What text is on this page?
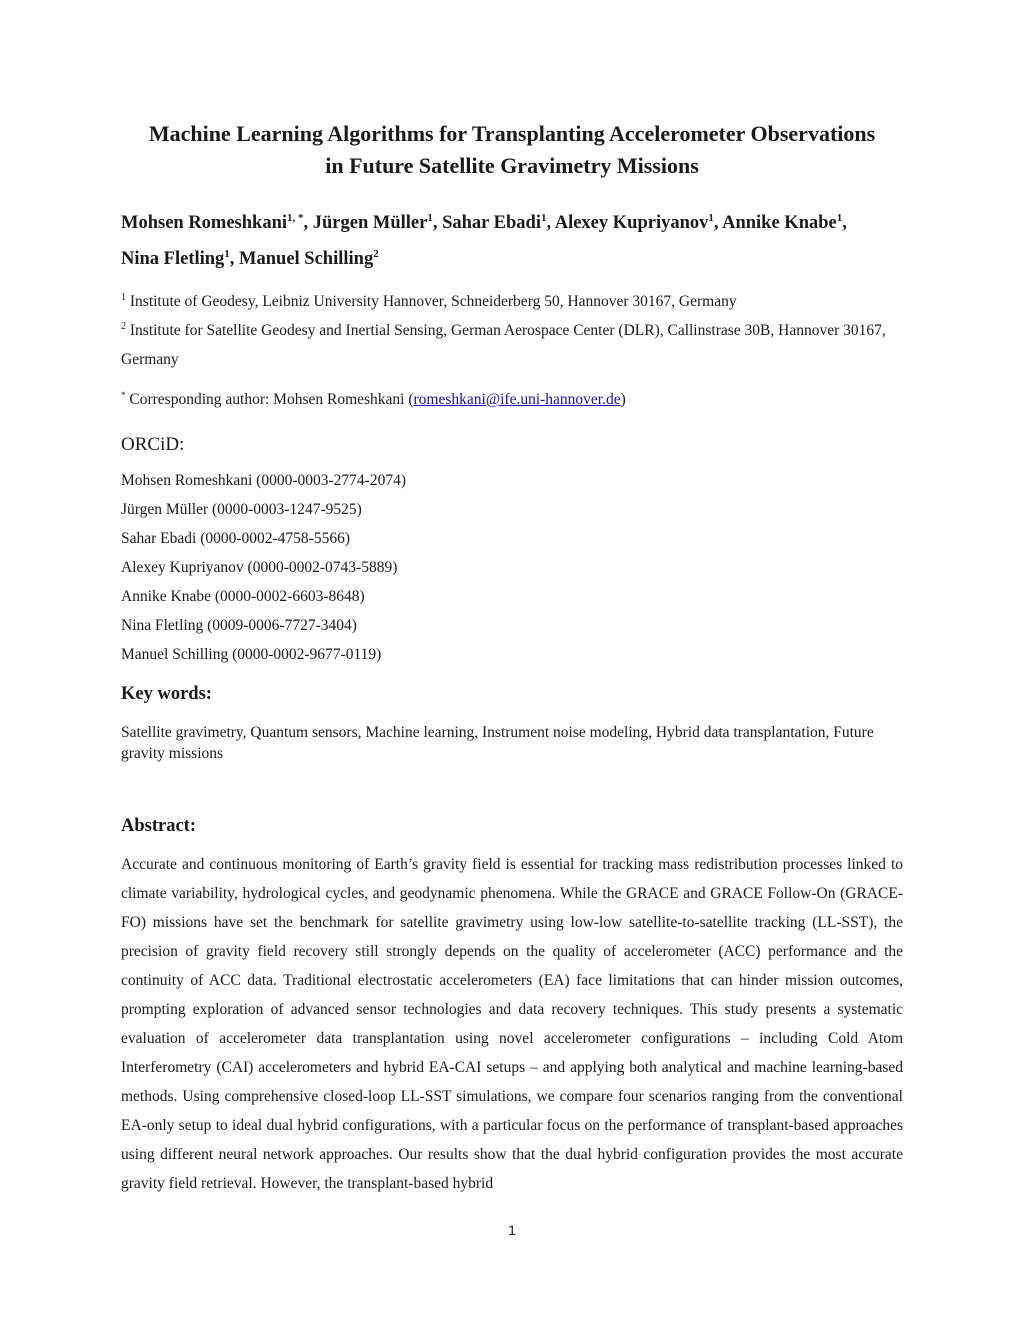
Machine Learning Algorithms for Transplanting Accelerometer Observations
in Future Satellite Gravimetry Missions

Mohsen Romeshkani$^{1, *}$, Jürgen Müller$^1$, Sahar Ebadi$^1$, Alexey Kupriyanov$^1$, Annike Knabe$^1$,
Nina Fletling$^1$, Manuel Schilling$^2$

$^1$ Institute of Geodesy, Leibniz University Hannover, Schneiderberg 50, Hannover 30167, Germany

$^2$ Institute for Satellite Geodesy and Inertial Sensing, German Aerospace Center (DLR), Callinstrase 30B, Hannover 30167, Germany

* Corresponding author: Mohsen Romeshkani (romeshkani@ife.uni-hannover.de)

ORCiD:
Mohsen Romeshkani (0000-0003-2774-2074)
Jürgen Müller (0000-0003-1247-9525)
Sahar Ebadi (0000-0002-4758-5566)
Alexey Kupriyanov (0000-0002-0743-5889)
Annike Knabe (0000-0002-6603-8648)
Nina Fletling (0009-0006-7727-3404)
Manuel Schilling (0000-0002-9677-0119)
Key words:

Satellite gravimetry, Quantum sensors, Machine learning, Instrument noise modeling, Hybrid data transplantation, Future gravity missions

Abstract:

Accurate and continuous monitoring of Earth’s gravity field is essential for tracking mass redistribution processes linked to climate variability, hydrological cycles, and geodynamic phenomena. While the GRACE and GRACE Follow-On (GRACE-FO) missions have set the benchmark for satellite gravimetry using low-low satellite-to-satellite tracking (LL-SST), the precision of gravity field recovery still strongly depends on the quality of accelerometer (ACC) performance and the continuity of ACC data. Traditional electrostatic accelerometers (EA) face limitations that can hinder mission outcomes, prompting exploration of advanced sensor technologies and data recovery techniques. This study presents a systematic evaluation of accelerometer data transplantation using novel accelerometer configurations – including Cold Atom Interferometry (CAI) accelerometers and hybrid EA-CAI setups – and applying both analytical and machine learning-based methods. Using comprehensive closed-loop LL-SST simulations, we compare four scenarios ranging from the conventional EA-only setup to ideal dual hybrid configurations, with a particular focus on the performance of transplant-based approaches using different neural network approaches. Our results show that the dual hybrid configuration provides the most accurate gravity field retrieval. However, the transplant-based hybrid

1
